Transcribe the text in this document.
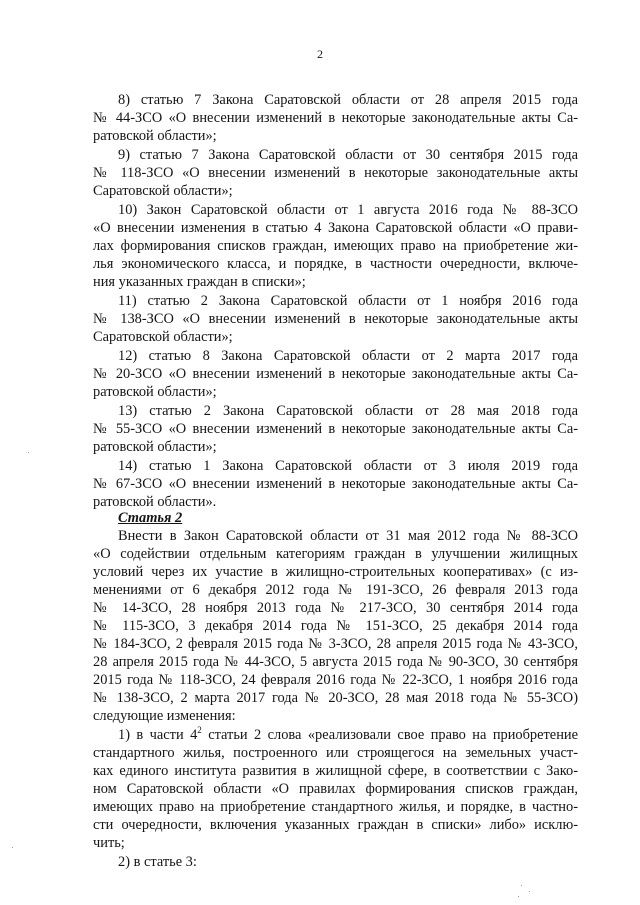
2
8) статью 7 Закона Саратовской области от 28 апреля 2015 года
№ 44-ЗСО «О внесении изменений в некоторые законодательные акты Са-
ратовской области»;
9) статью 7 Закона Саратовской области от 30 сентября 2015 года
№ 118-ЗСО «О внесении изменений в некоторые законодательные акты
Саратовской области»;
10) Закон Саратовской области от 1 августа 2016 года № 88-ЗСО
«О внесении изменения в статью 4 Закона Саратовской области «О прави-
лах формирования списков граждан, имеющих право на приобретение жи-
лья экономического класса, и порядке, в частности очередности, включе-
ния указанных граждан в списки»;
11) статью 2 Закона Саратовской области от 1 ноября 2016 года
№ 138-ЗСО «О внесении изменений в некоторые законодательные акты
Саратовской области»;
12) статью 8 Закона Саратовской области от 2 марта 2017 года
№ 20-ЗСО «О внесении изменений в некоторые законодательные акты Са-
ратовской области»;
13) статью 2 Закона Саратовской области от 28 мая 2018 года
№ 55-ЗСО «О внесении изменений в некоторые законодательные акты Са-
ратовской области»;
14) статью 1 Закона Саратовской области от 3 июля 2019 года
№ 67-ЗСО «О внесении изменений в некоторые законодательные акты Са-
ратовской области».
Статья 2
Внести в Закон Саратовской области от 31 мая 2012 года № 88-ЗСО
«О содействии отдельным категориям граждан в улучшении жилищных
условий через их участие в жилищно-строительных кооперативах» (с из-
менениями от 6 декабря 2012 года № 191-ЗСО, 26 февраля 2013 года
№ 14-ЗСО, 28 ноября 2013 года № 217-ЗСО, 30 сентября 2014 года
№ 115-ЗСО, 3 декабря 2014 года № 151-ЗСО, 25 декабря 2014 года
№ 184-ЗСО, 2 февраля 2015 года № 3-ЗСО, 28 апреля 2015 года № 43-ЗСО,
28 апреля 2015 года № 44-ЗСО, 5 августа 2015 года № 90-ЗСО, 30 сентября
2015 года № 118-ЗСО, 24 февраля 2016 года № 22-ЗСО, 1 ноября 2016 года
№ 138-ЗСО, 2 марта 2017 года № 20-ЗСО, 28 мая 2018 года № 55-ЗСО)
следующие изменения:
1) в части $4^2$ статьи 2 слова «реализовали свое право на приобретение
стандартного жилья, построенного или строящегося на земельных участ-
ках единого института развития в жилищной сфере, в соответствии с Зако-
ном Саратовской области «О правилах формирования списков граждан,
имеющих право на приобретение стандартного жилья, и порядке, в частно-
сти очередности, включения указанных граждан в списки» либо» исклю-
чить;
2) в статье 3:
